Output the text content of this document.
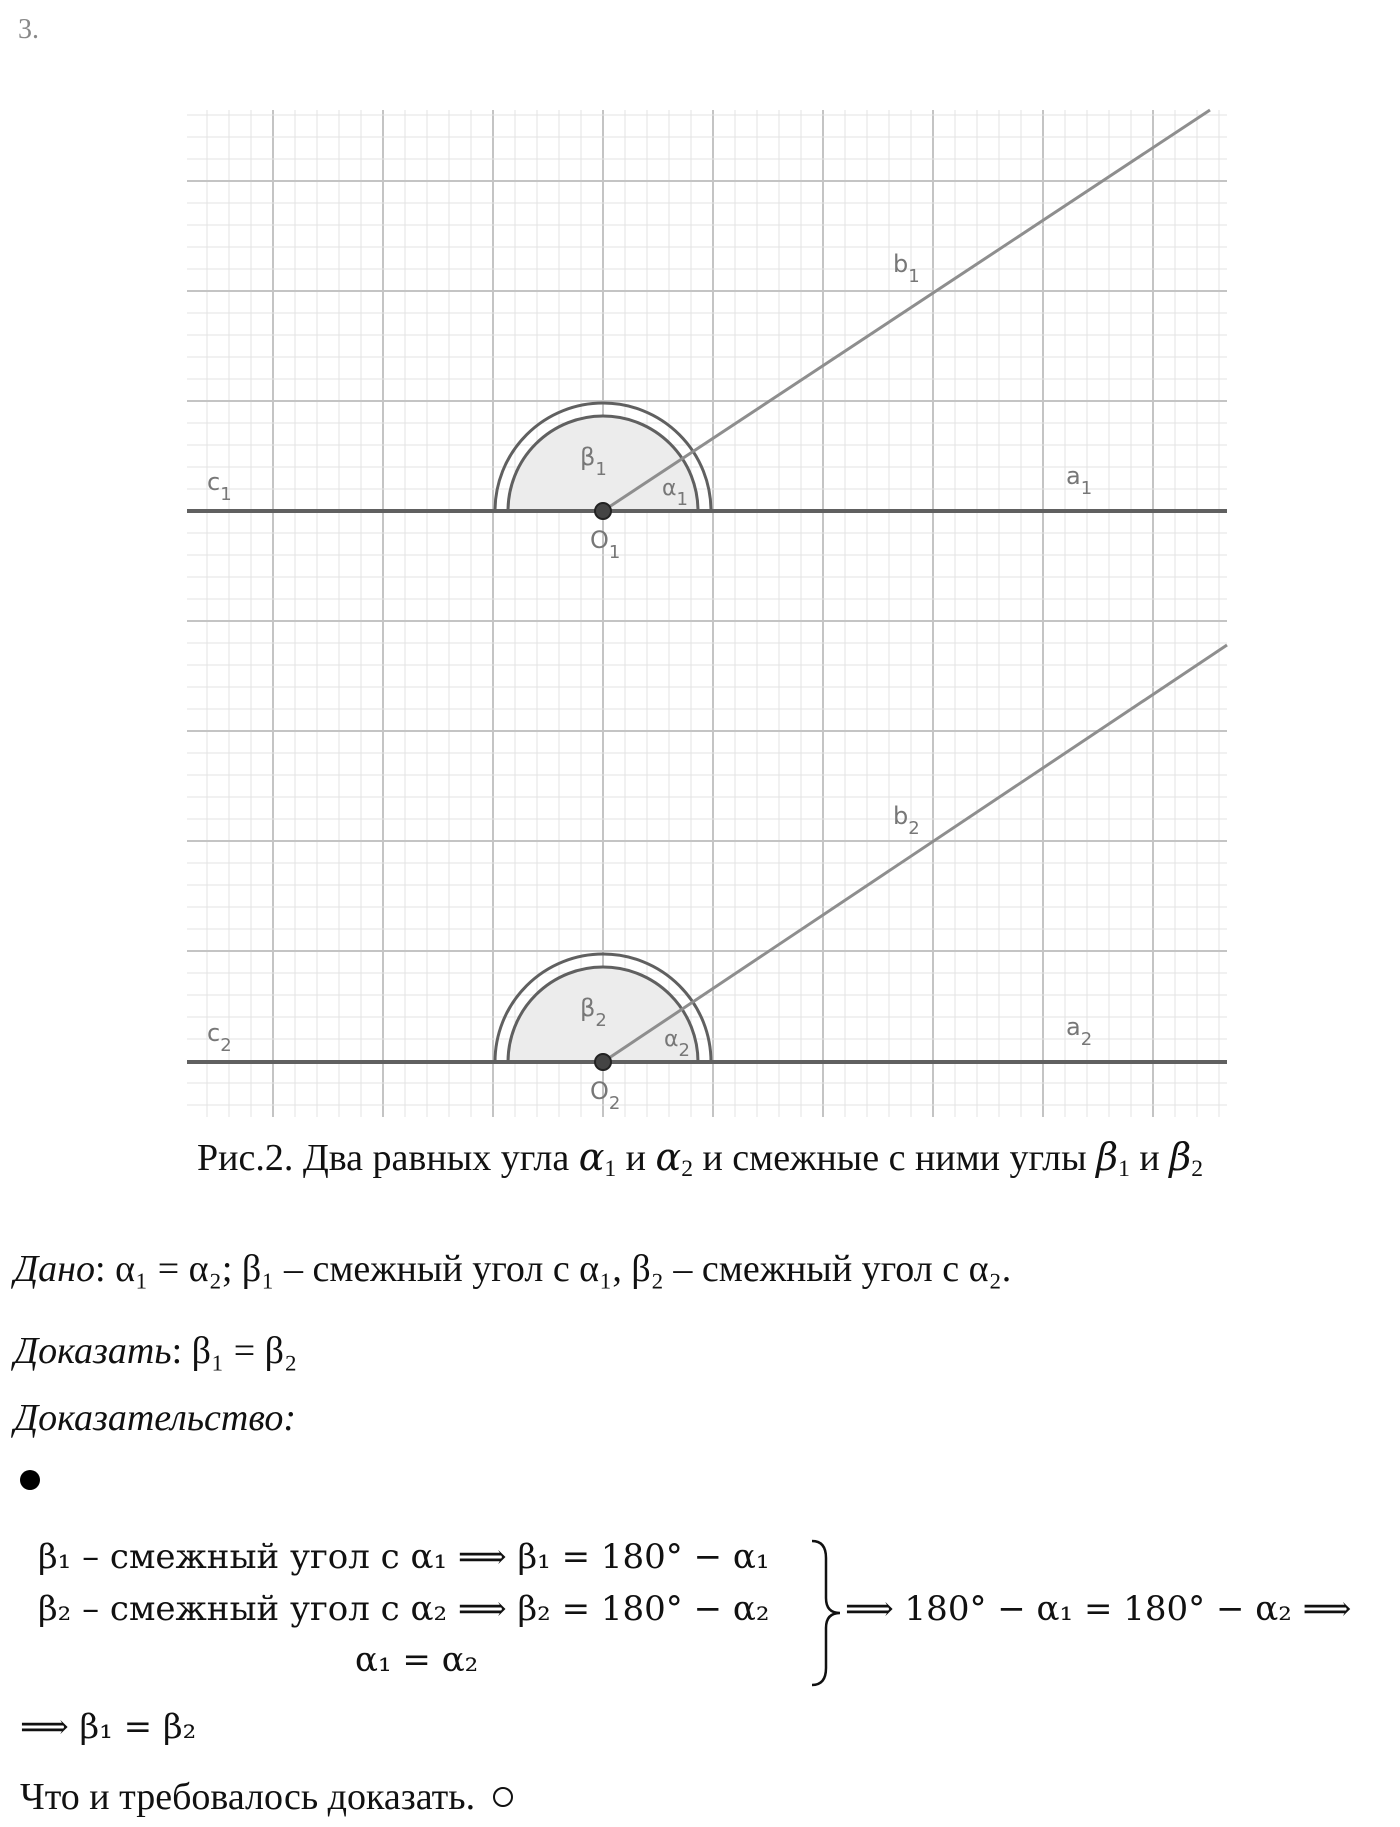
3.
$b_1$
$c_1$
$a_1$
$\beta_1$
$\alpha_1$
$O_1$
$b_2$
$c_2$
$a_2$
$\beta_2$
$\alpha_2$
$O_2$
Рис.2. Два равных угла $\alpha_1$ и $\alpha_2$ и смежные с ними углы $\beta_1$ и $\beta_2$
Дано: α₁ = α₂; β₁ – смежный угол с α₁, β₂ – смежный угол с α₂.
Доказать: β₁ = β₂
Доказательство:
β₁ – смежный угол с α₁ ⟹ β₁ = 180° − α₁
β₂ – смежный угол с α₂ ⟹ β₂ = 180° − α₂
α₁ = α₂
⟹ 180° − α₁ = 180° − α₂ ⟹
⟹ β₁ = β₂
Что и требовалось доказать.
